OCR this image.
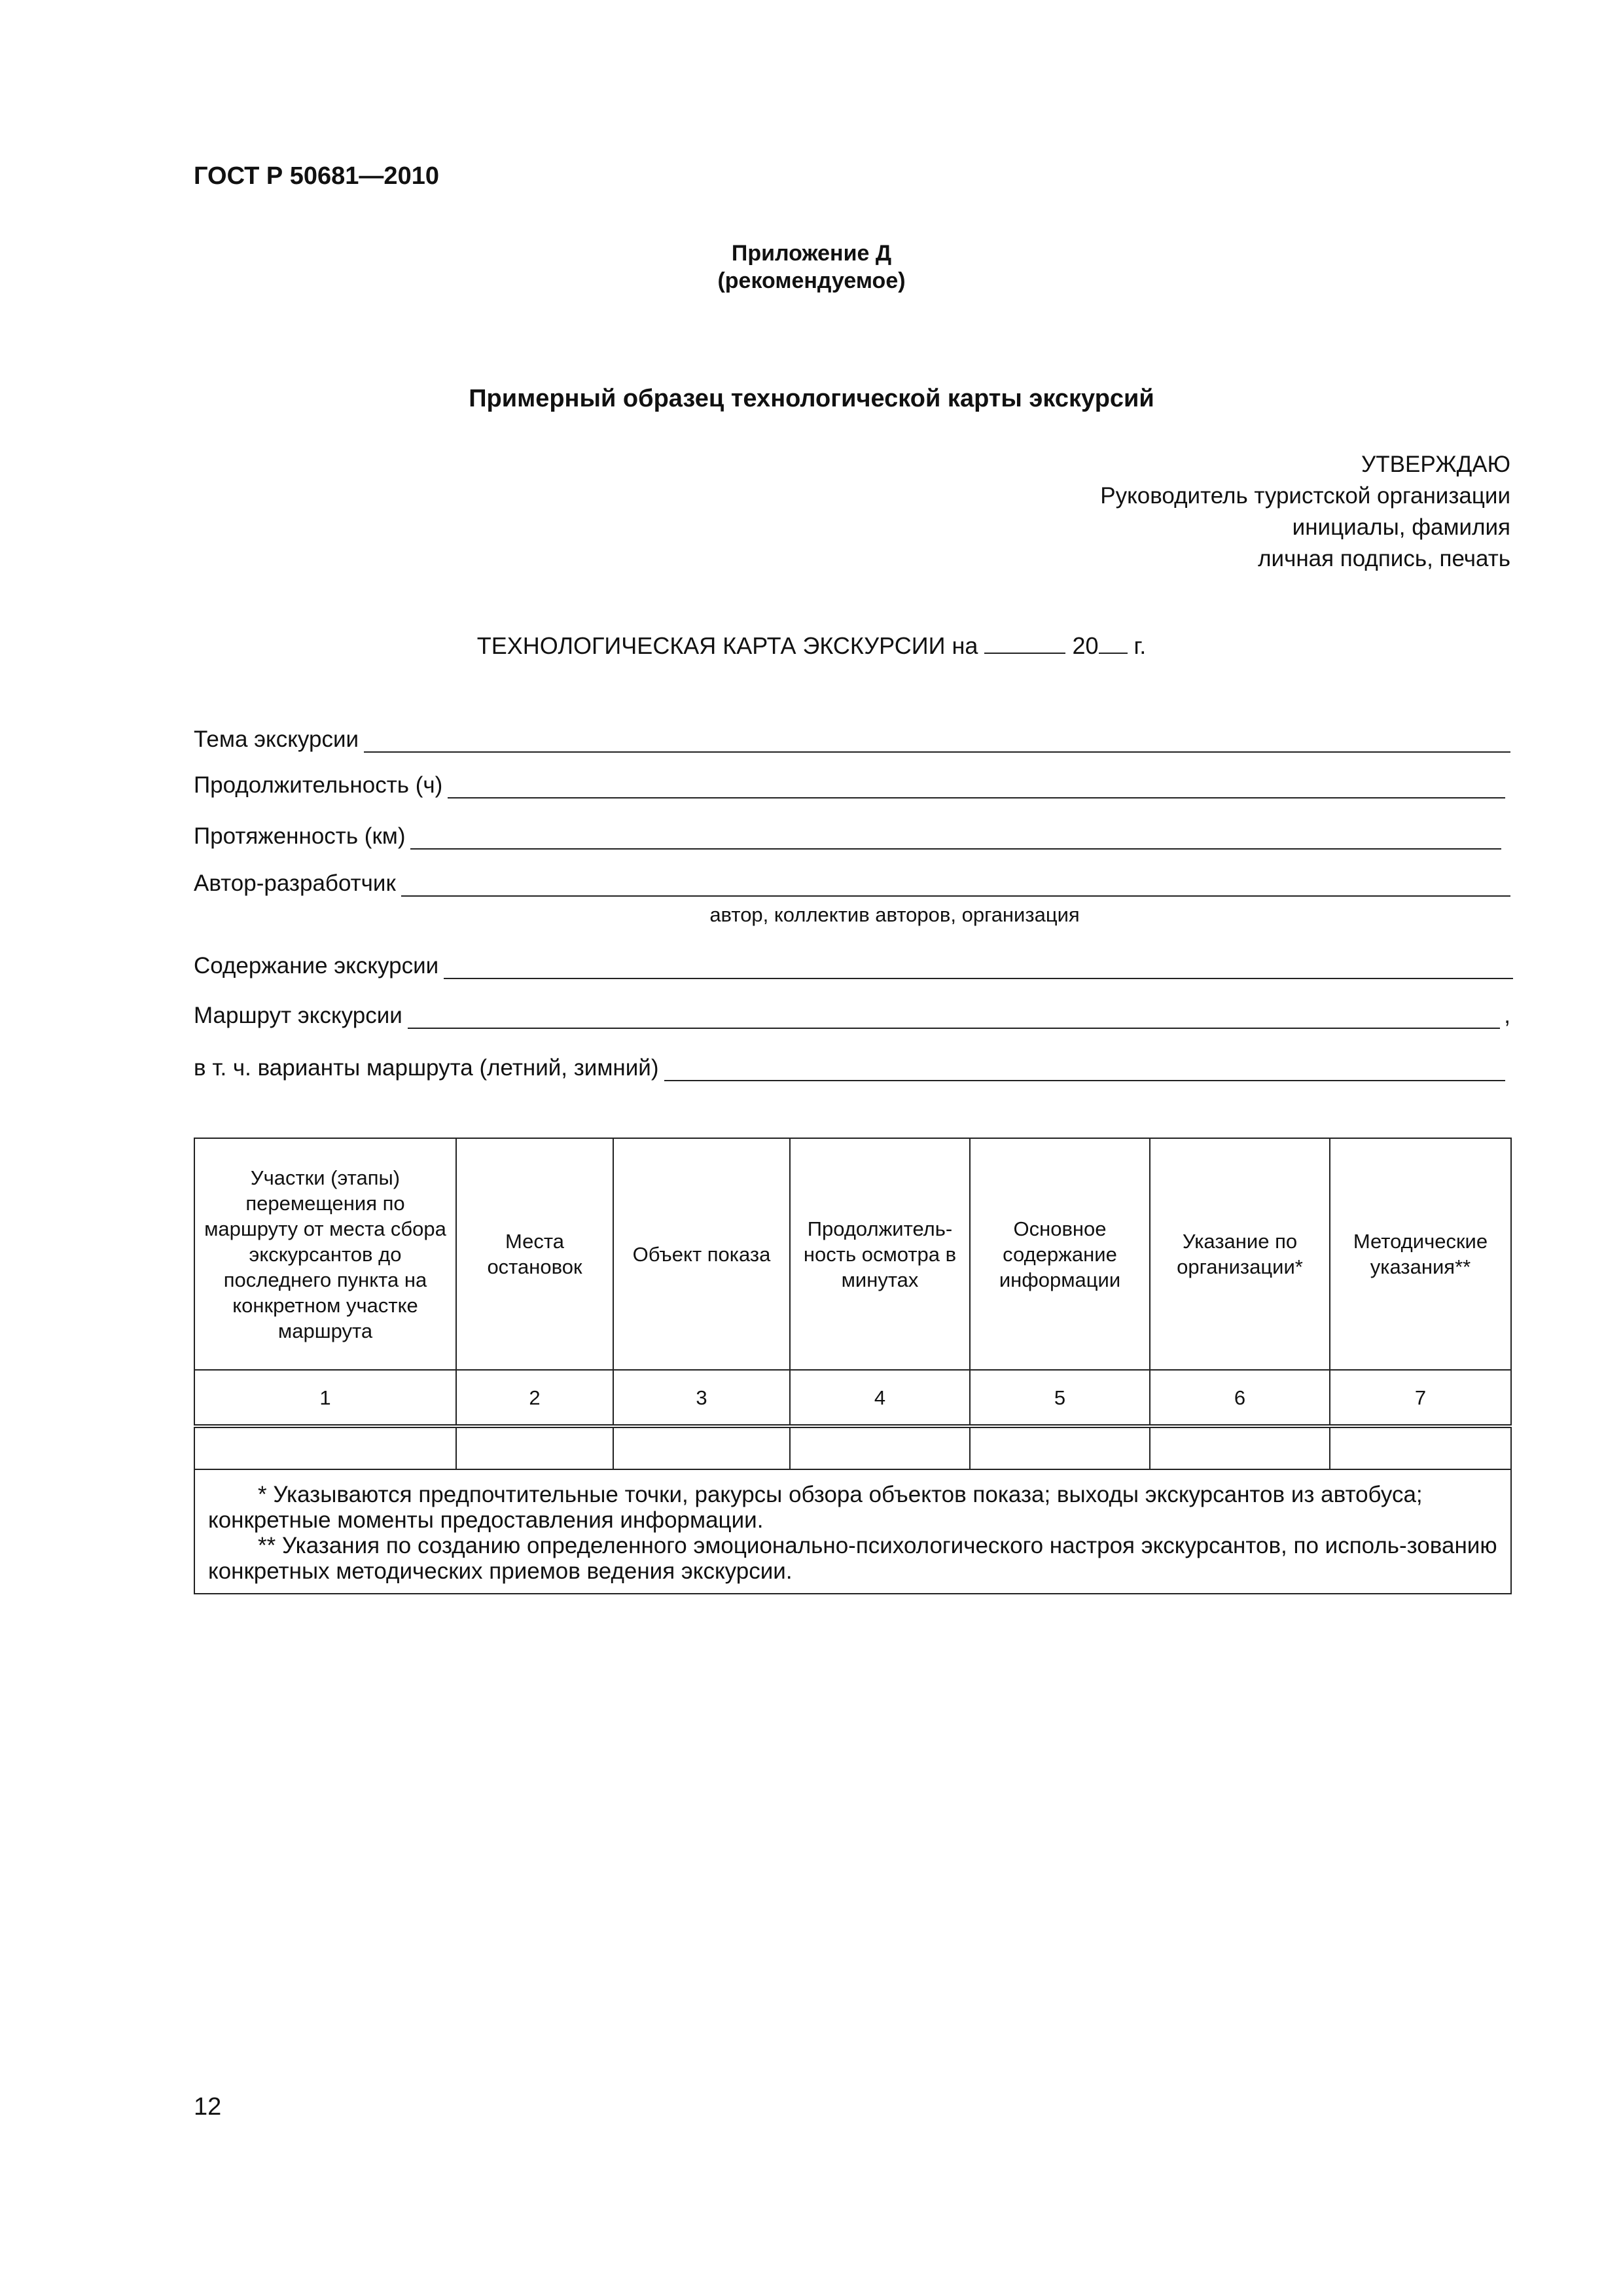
ГОСТ Р 50681—2010
Приложение Д
(рекомендуемое)
Примерный образец технологической карты экскурсий
УТВЕРЖДАЮ
Руководитель туристской организации
инициалы, фамилия
личная подпись, печать
ТЕХНОЛОГИЧЕСКАЯ КАРТА ЭКСКУРСИИ на	20 г.
Тема экскурсии
Продолжительность (ч)
Протяженность (км)
Автор-разработчик
автор, коллектив авторов, организация
Содержание экскурсии
Маршрут экскурсии	,
в т. ч. варианты маршрута (летний, зимний)
Участки (этапы) перемещения по маршруту от места сбора экскурсантов до последнего пункта на конкретном участке маршрута	Места остановок	Объект показа	Продолжитель-ность осмотра в минутах	Основное содержание информации	Указание по организации*	Методические указания**
1	2	3	4	5	6	7

* Указываются предпочтительные точки, ракурсы обзора объектов показа; выходы экскурсантов из автобуса; конкретные моменты предоставления информации.

** Указания по созданию определенного эмоционально-психологического настроя экскурсантов, по исполь-зованию конкретных методических приемов ведения экскурсии.						

12
